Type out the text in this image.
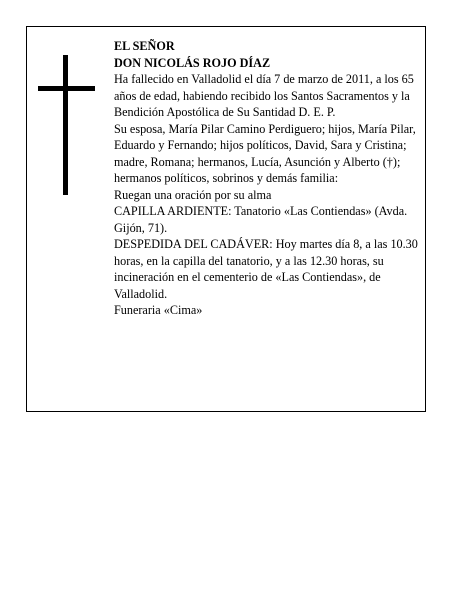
EL SEÑOR

DON NICOLÁS ROJO DÍAZ

Ha fallecido en Valladolid el día 7 de marzo de 2011, a los 65 años de edad, habiendo recibido los Santos Sacramentos y la Bendición Apostólica de Su Santidad D. E. P.

Su esposa, María Pilar Camino Perdiguero; hijos, María Pilar, Eduardo y Fernando; hijos políticos, David, Sara y Cristina; madre, Romana; hermanos, Lucía, Asunción y Alberto (†); hermanos políticos, sobrinos y demás familia:

Ruegan una oración por su alma

CAPILLA ARDIENTE: Tanatorio «Las Contiendas» (Avda. Gijón, 71).

DESPEDIDA DEL CADÁVER: Hoy martes día 8, a las 10.30 horas, en la capilla del tanatorio, y a las 12.30 horas, su incineración en el cementerio de «Las Contiendas», de Valladolid.

Funeraria «Cima»
